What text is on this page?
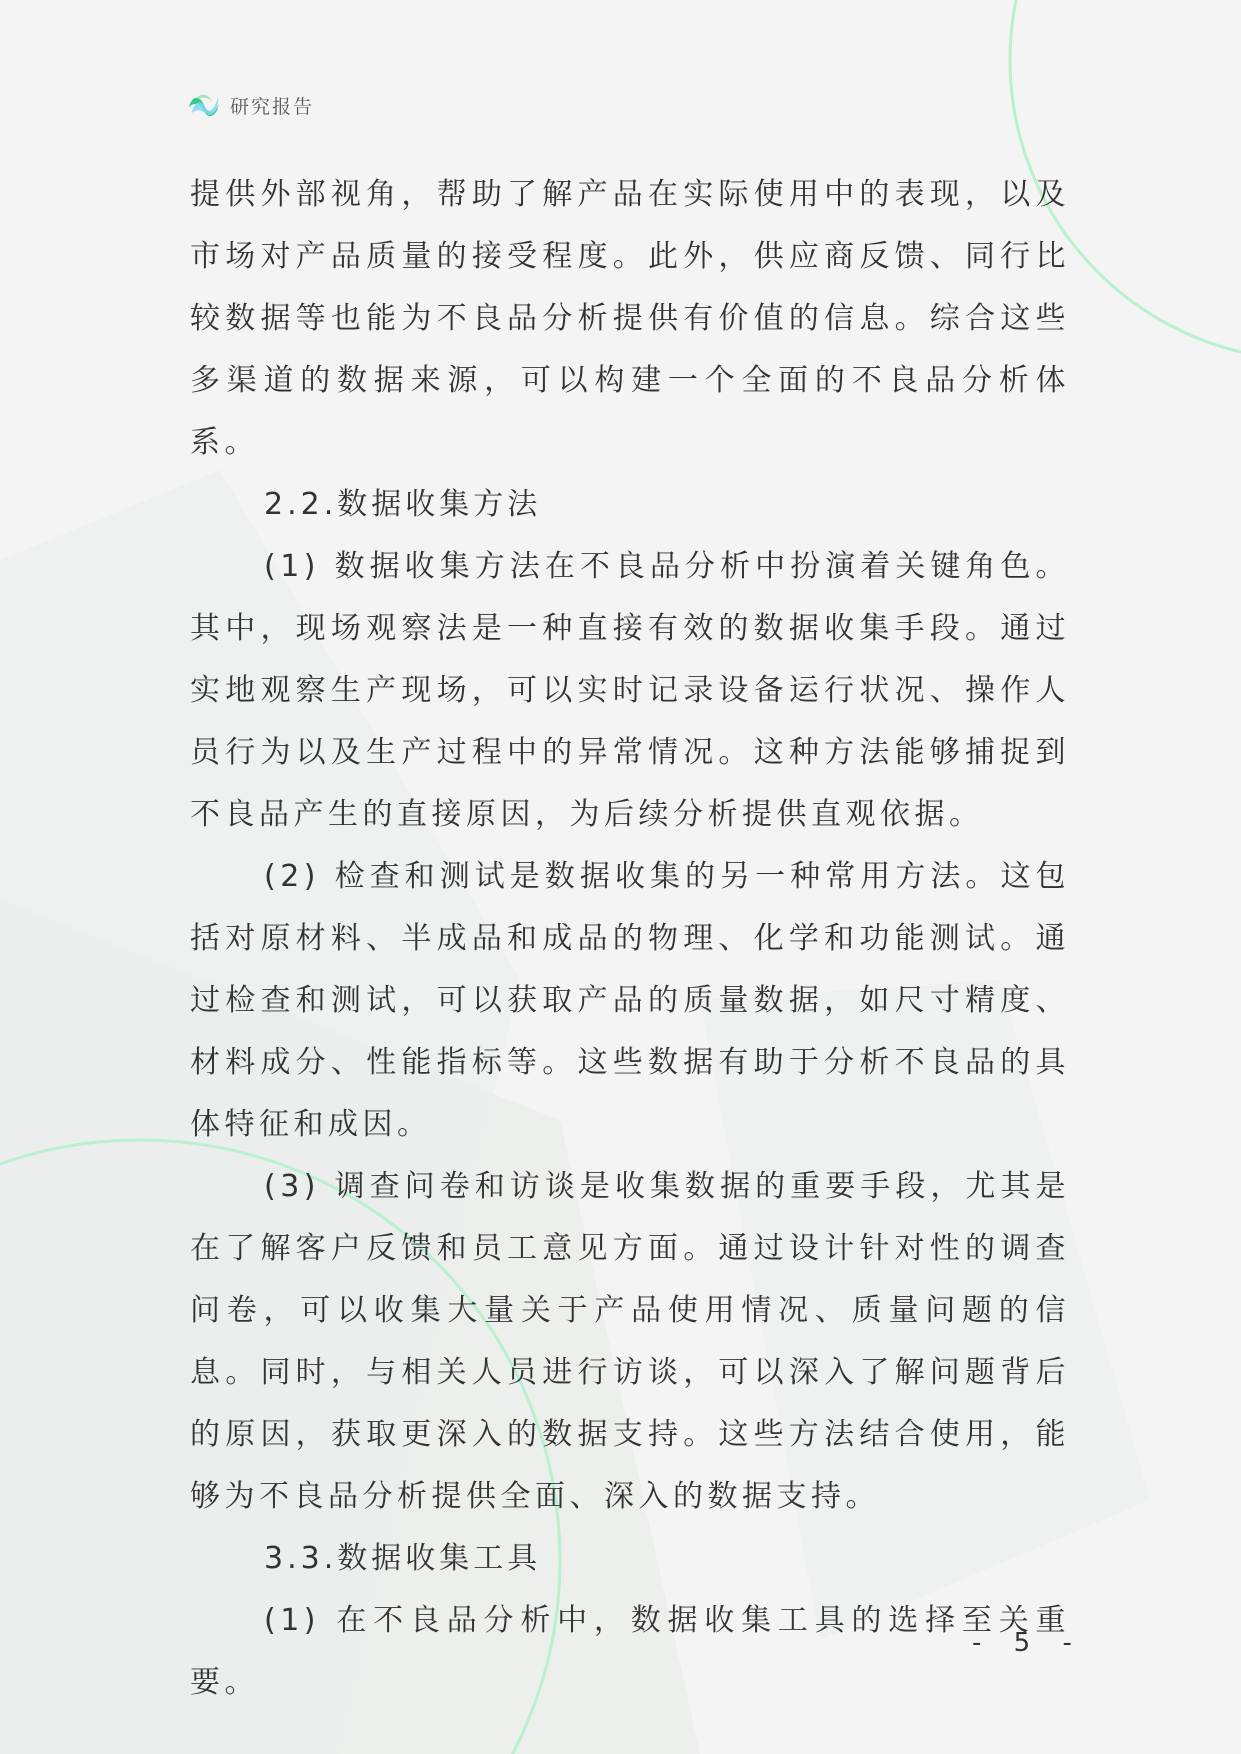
研究报告

提供外部视角，帮助了解产品在实际使用中的表现，以及市场对产品质量的接受程度。此外，供应商反馈、同行比较数据等也能为不良品分析提供有价值的信息。综合这些多渠道的数据来源，可以构建一个全面的不良品分析体系。

2.2.数据收集方法

(1) 数据收集方法在不良品分析中扮演着关键角色。其中，现场观察法是一种直接有效的数据收集手段。通过实地观察生产现场，可以实时记录设备运行状况、操作人员行为以及生产过程中的异常情况。这种方法能够捕捉到不良品产生的直接原因，为后续分析提供直观依据。

(2) 检查和测试是数据收集的另一种常用方法。这包括对原材料、半成品和成品的物理、化学和功能测试。通过检查和测试，可以获取产品的质量数据，如尺寸精度、材料成分、性能指标等。这些数据有助于分析不良品的具体特征和成因。

(3) 调查问卷和访谈是收集数据的重要手段，尤其是在了解客户反馈和员工意见方面。通过设计针对性的调查问卷，可以收集大量关于产品使用情况、质量问题的信息。同时，与相关人员进行访谈，可以深入了解问题背后的原因，获取更深入的数据支持。这些方法结合使用，能够为不良品分析提供全面、深入的数据支持。

3.3.数据收集工具

(1) 在不良品分析中，数据收集工具的选择至关重要。

- 5 -
